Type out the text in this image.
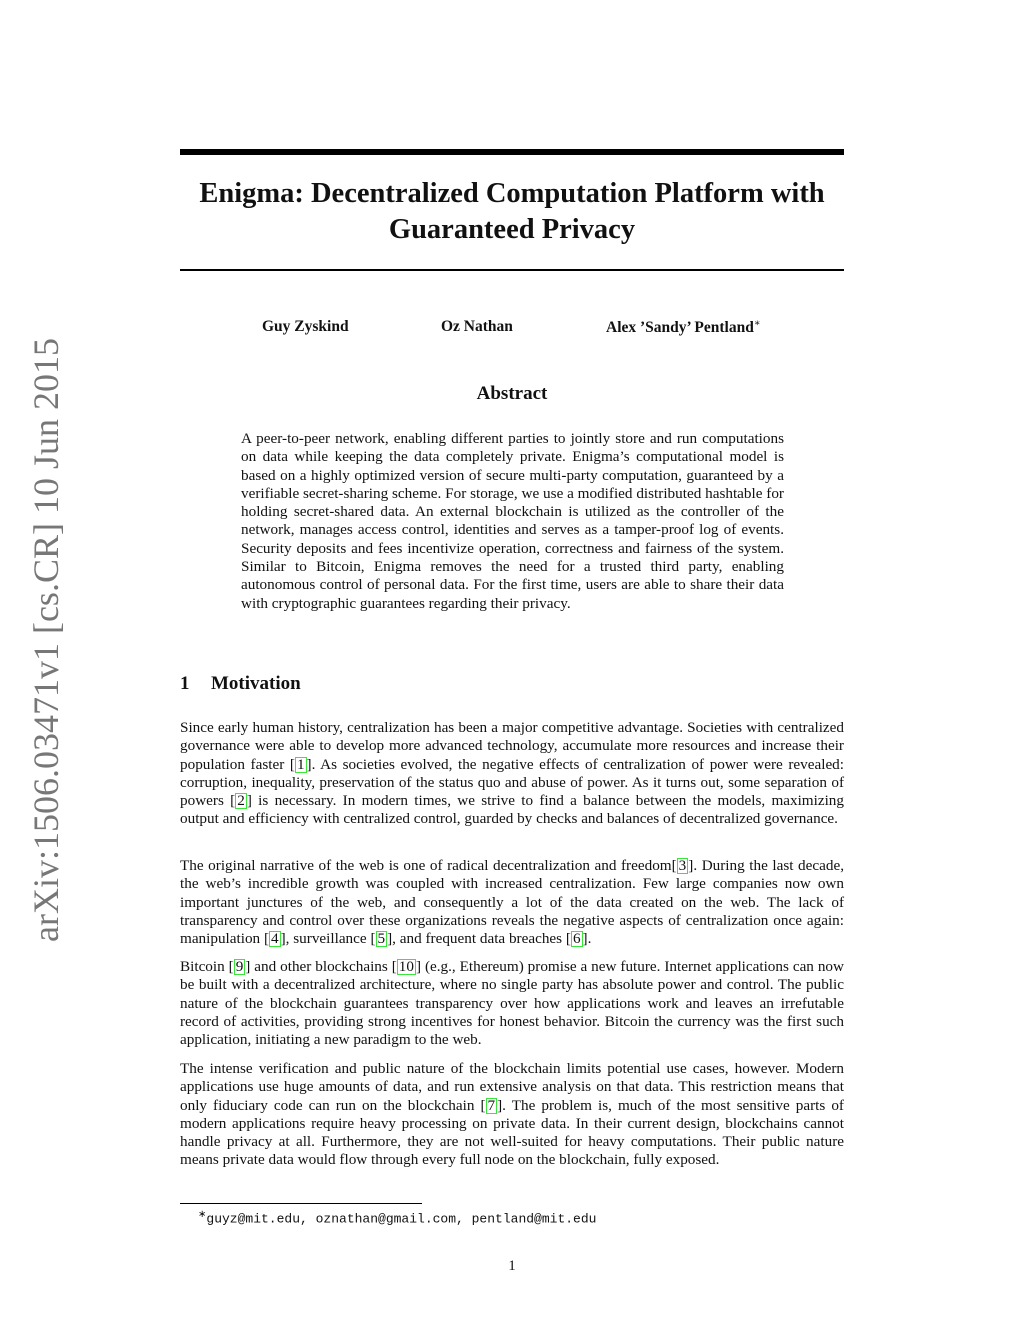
arXiv:1506.03471v1 [cs.CR] 10 Jun 2015
Enigma: Decentralized Computation Platform with
Guaranteed Privacy
Guy Zyskind	Oz Nathan	Alex ’Sandy’ Pentland∗
Abstract

A peer-to-peer network, enabling different parties to jointly store and run computations on data while keeping the data completely private. Enigma’s computational model is based on a highly optimized version of secure multi-party computation, guaranteed by a verifiable secret-sharing scheme. For storage, we use a modified distributed hashtable for holding secret-shared data. An external blockchain is utilized as the controller of the network, manages access control, identities and serves as a tamper-proof log of events. Security deposits and fees incentivize operation, correctness and fairness of the system. Similar to Bitcoin, Enigma removes the need for a trusted third party, enabling autonomous control of personal data. For the first time, users are able to share their data with cryptographic guarantees regarding their privacy.

1 Motivation

Since early human history, centralization has been a major competitive advantage. Societies with centralized governance were able to develop more advanced technology, accumulate more resources and increase their population faster [ 1 ]. As societies evolved, the negative effects of centralization of power were revealed: corruption, inequality, preservation of the status quo and abuse of power. As it turns out, some separation of powers [ 2 ] is necessary. In modern times, we strive to find a balance between the models, maximizing output and efficiency with centralized control, guarded by checks and balances of decentralized governance.

The original narrative of the web is one of radical decentralization and freedom[ 3 ]. During the last decade, the web’s incredible growth was coupled with increased centralization. Few large companies now own important junctures of the web, and consequently a lot of the data created on the web. The lack of transparency and control over these organizations reveals the negative aspects of centralization once again: manipulation [ 4 ], surveillance [ 5 ], and frequent data breaches [ 6 ].

Bitcoin [ 9 ] and other blockchains [ 10 ] (e.g., Ethereum) promise a new future. Internet applications can now be built with a decentralized architecture, where no single party has absolute power and control. The public nature of the blockchain guarantees transparency over how applications work and leaves an irrefutable record of activities, providing strong incentives for honest behavior. Bitcoin the currency was the first such application, initiating a new paradigm to the web.

The intense verification and public nature of the blockchain limits potential use cases, however. Modern applications use huge amounts of data, and run extensive analysis on that data. This restriction means that only fiduciary code can run on the blockchain [ 7 ]. The problem is, much of the most sensitive parts of modern applications require heavy processing on private data. In their current design, blockchains cannot handle privacy at all. Furthermore, they are not well-suited for heavy computations. Their public nature means private data would flow through every full node on the blockchain, fully exposed.

∗guyz@mit.edu, oznathan@gmail.com, pentland@mit.edu
1
